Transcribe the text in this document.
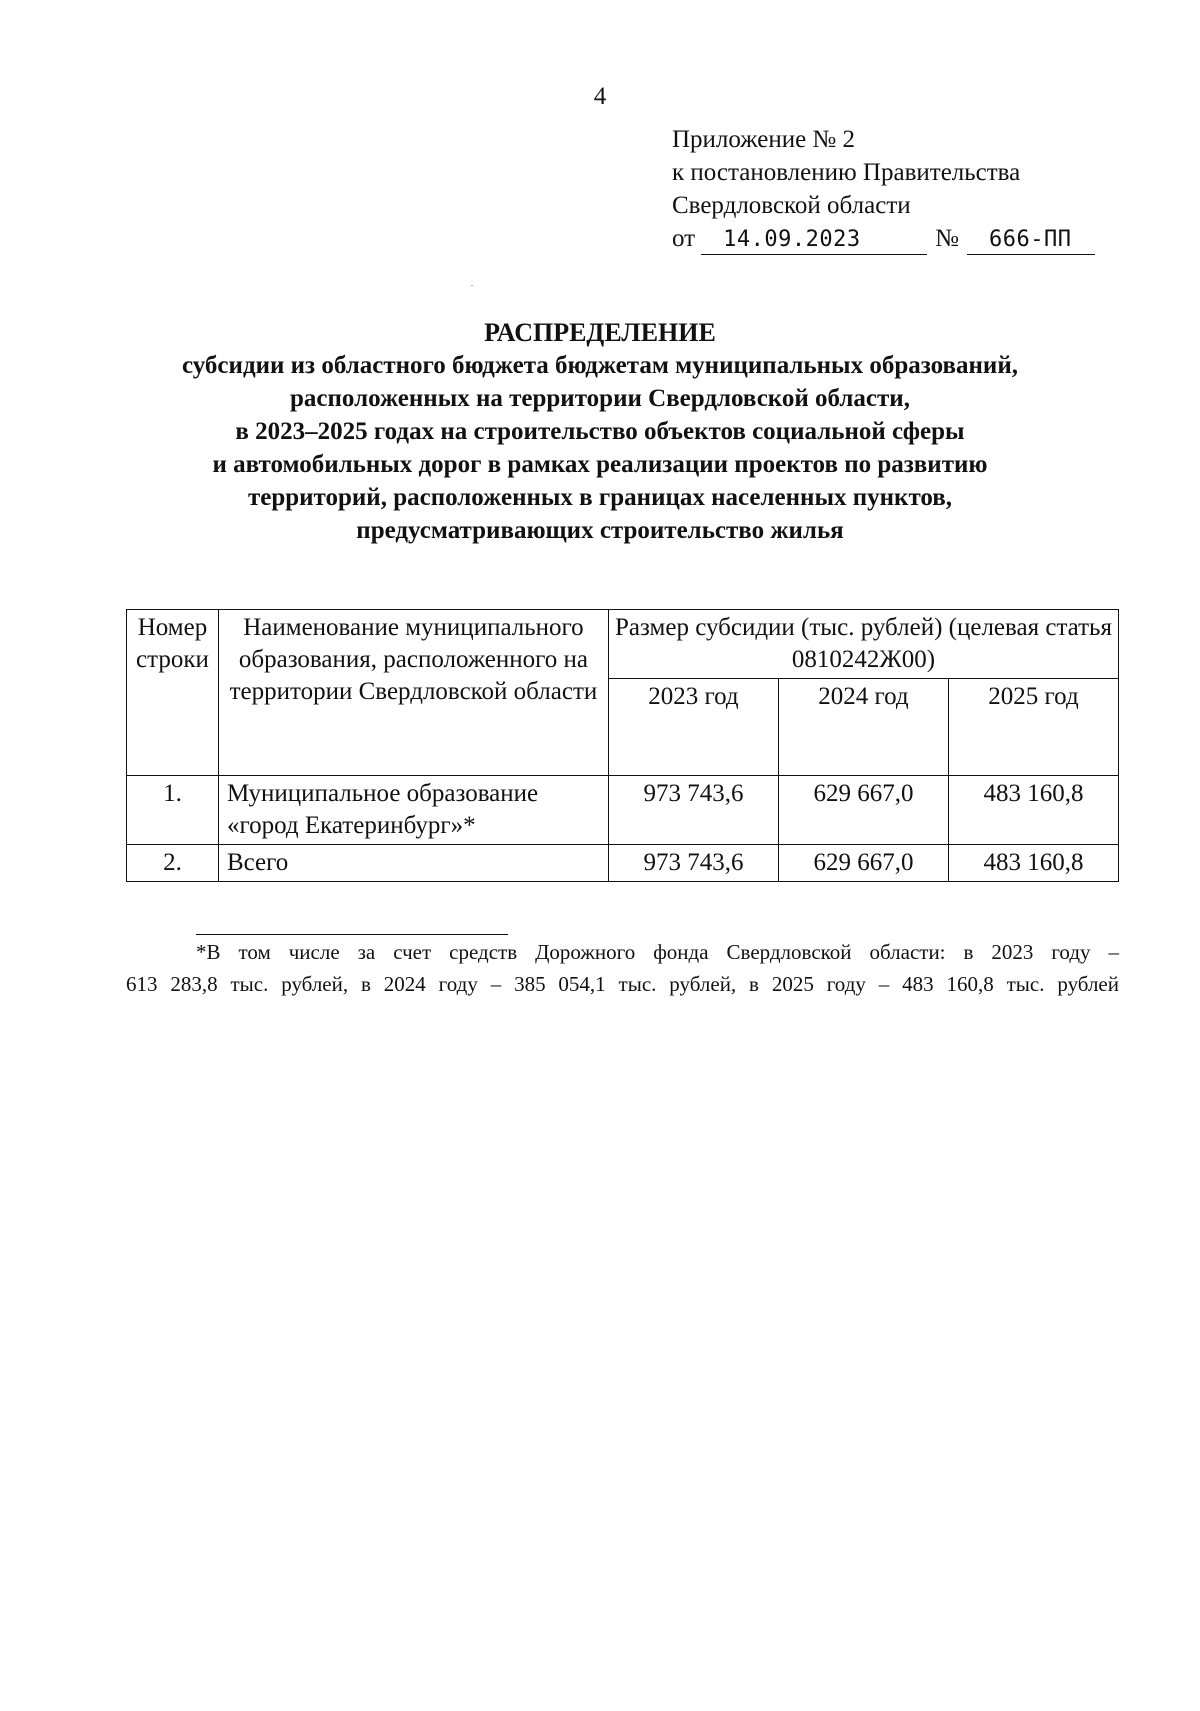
4
Приложение № 2
к постановлению Правительства
Свердловской области
от	14.09.2023	№	666-ПП
РАСПРЕДЕЛЕНИЕ
субсидии из областного бюджета бюджетам муниципальных образований,
расположенных на территории Свердловской области,
в 2023–2025 годах на строительство объектов социальной сферы
и автомобильных дорог в рамках реализации проектов по развитию
территорий, расположенных в границах населенных пунктов,
предусматривающих строительство жилья
Номер строки	Наименование муниципального образования, расположенного на территории Свердловской области	Размер субсидии (тыс. рублей) (целевая статья 0810242Ж00)		
		2023 год	2024 год	2025 год
1.	Муниципальное образование «город Екатеринбург»*	973 743,6	629 667,0	483 160,8
2.	Всего	973 743,6	629 667,0	483 160,8
*В том числе за счет средств Дорожного фонда Свердловской области: в 2023 году –
613 283,8 тыс. рублей, в 2024 году – 385 054,1 тыс. рублей, в 2025 году – 483 160,8 тыс. рублей
